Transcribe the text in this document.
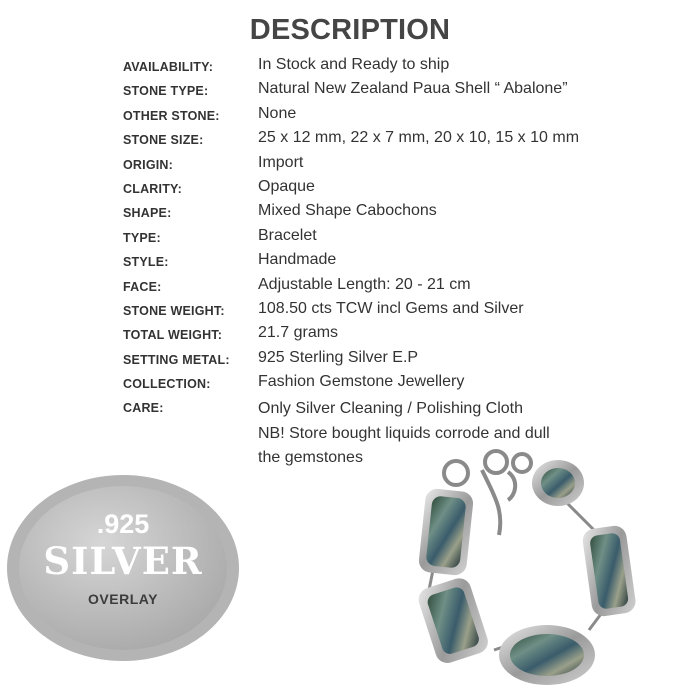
DESCRIPTION
AVAILABILITY:	In Stock and Ready to ship
STONE TYPE:	Natural New Zealand Paua Shell “ Abalone”
OTHER STONE: None
STONE SIZE:	25 x 12 mm, 22 x 7 mm, 20 x 10, 15 x 10 mm
ORIGIN:	Import
CLARITY:	Opaque
SHAPE:	Mixed Shape Cabochons
TYPE:	Bracelet
STYLE:	Handmade
FACE:	Adjustable Length: 20 - 21 cm
STONE WEIGHT: 108.50 cts TCW incl Gems and Silver
TOTAL WEIGHT: 21.7 grams
SETTING METAL: 925 Sterling Silver E.P
COLLECTION:	Fashion Gemstone Jewellery
CARE:	Only Silver Cleaning / Polishing Cloth
NB! Store bought liquids corrode and dull
the gemstones
.925
SILVER
OVERLAY
